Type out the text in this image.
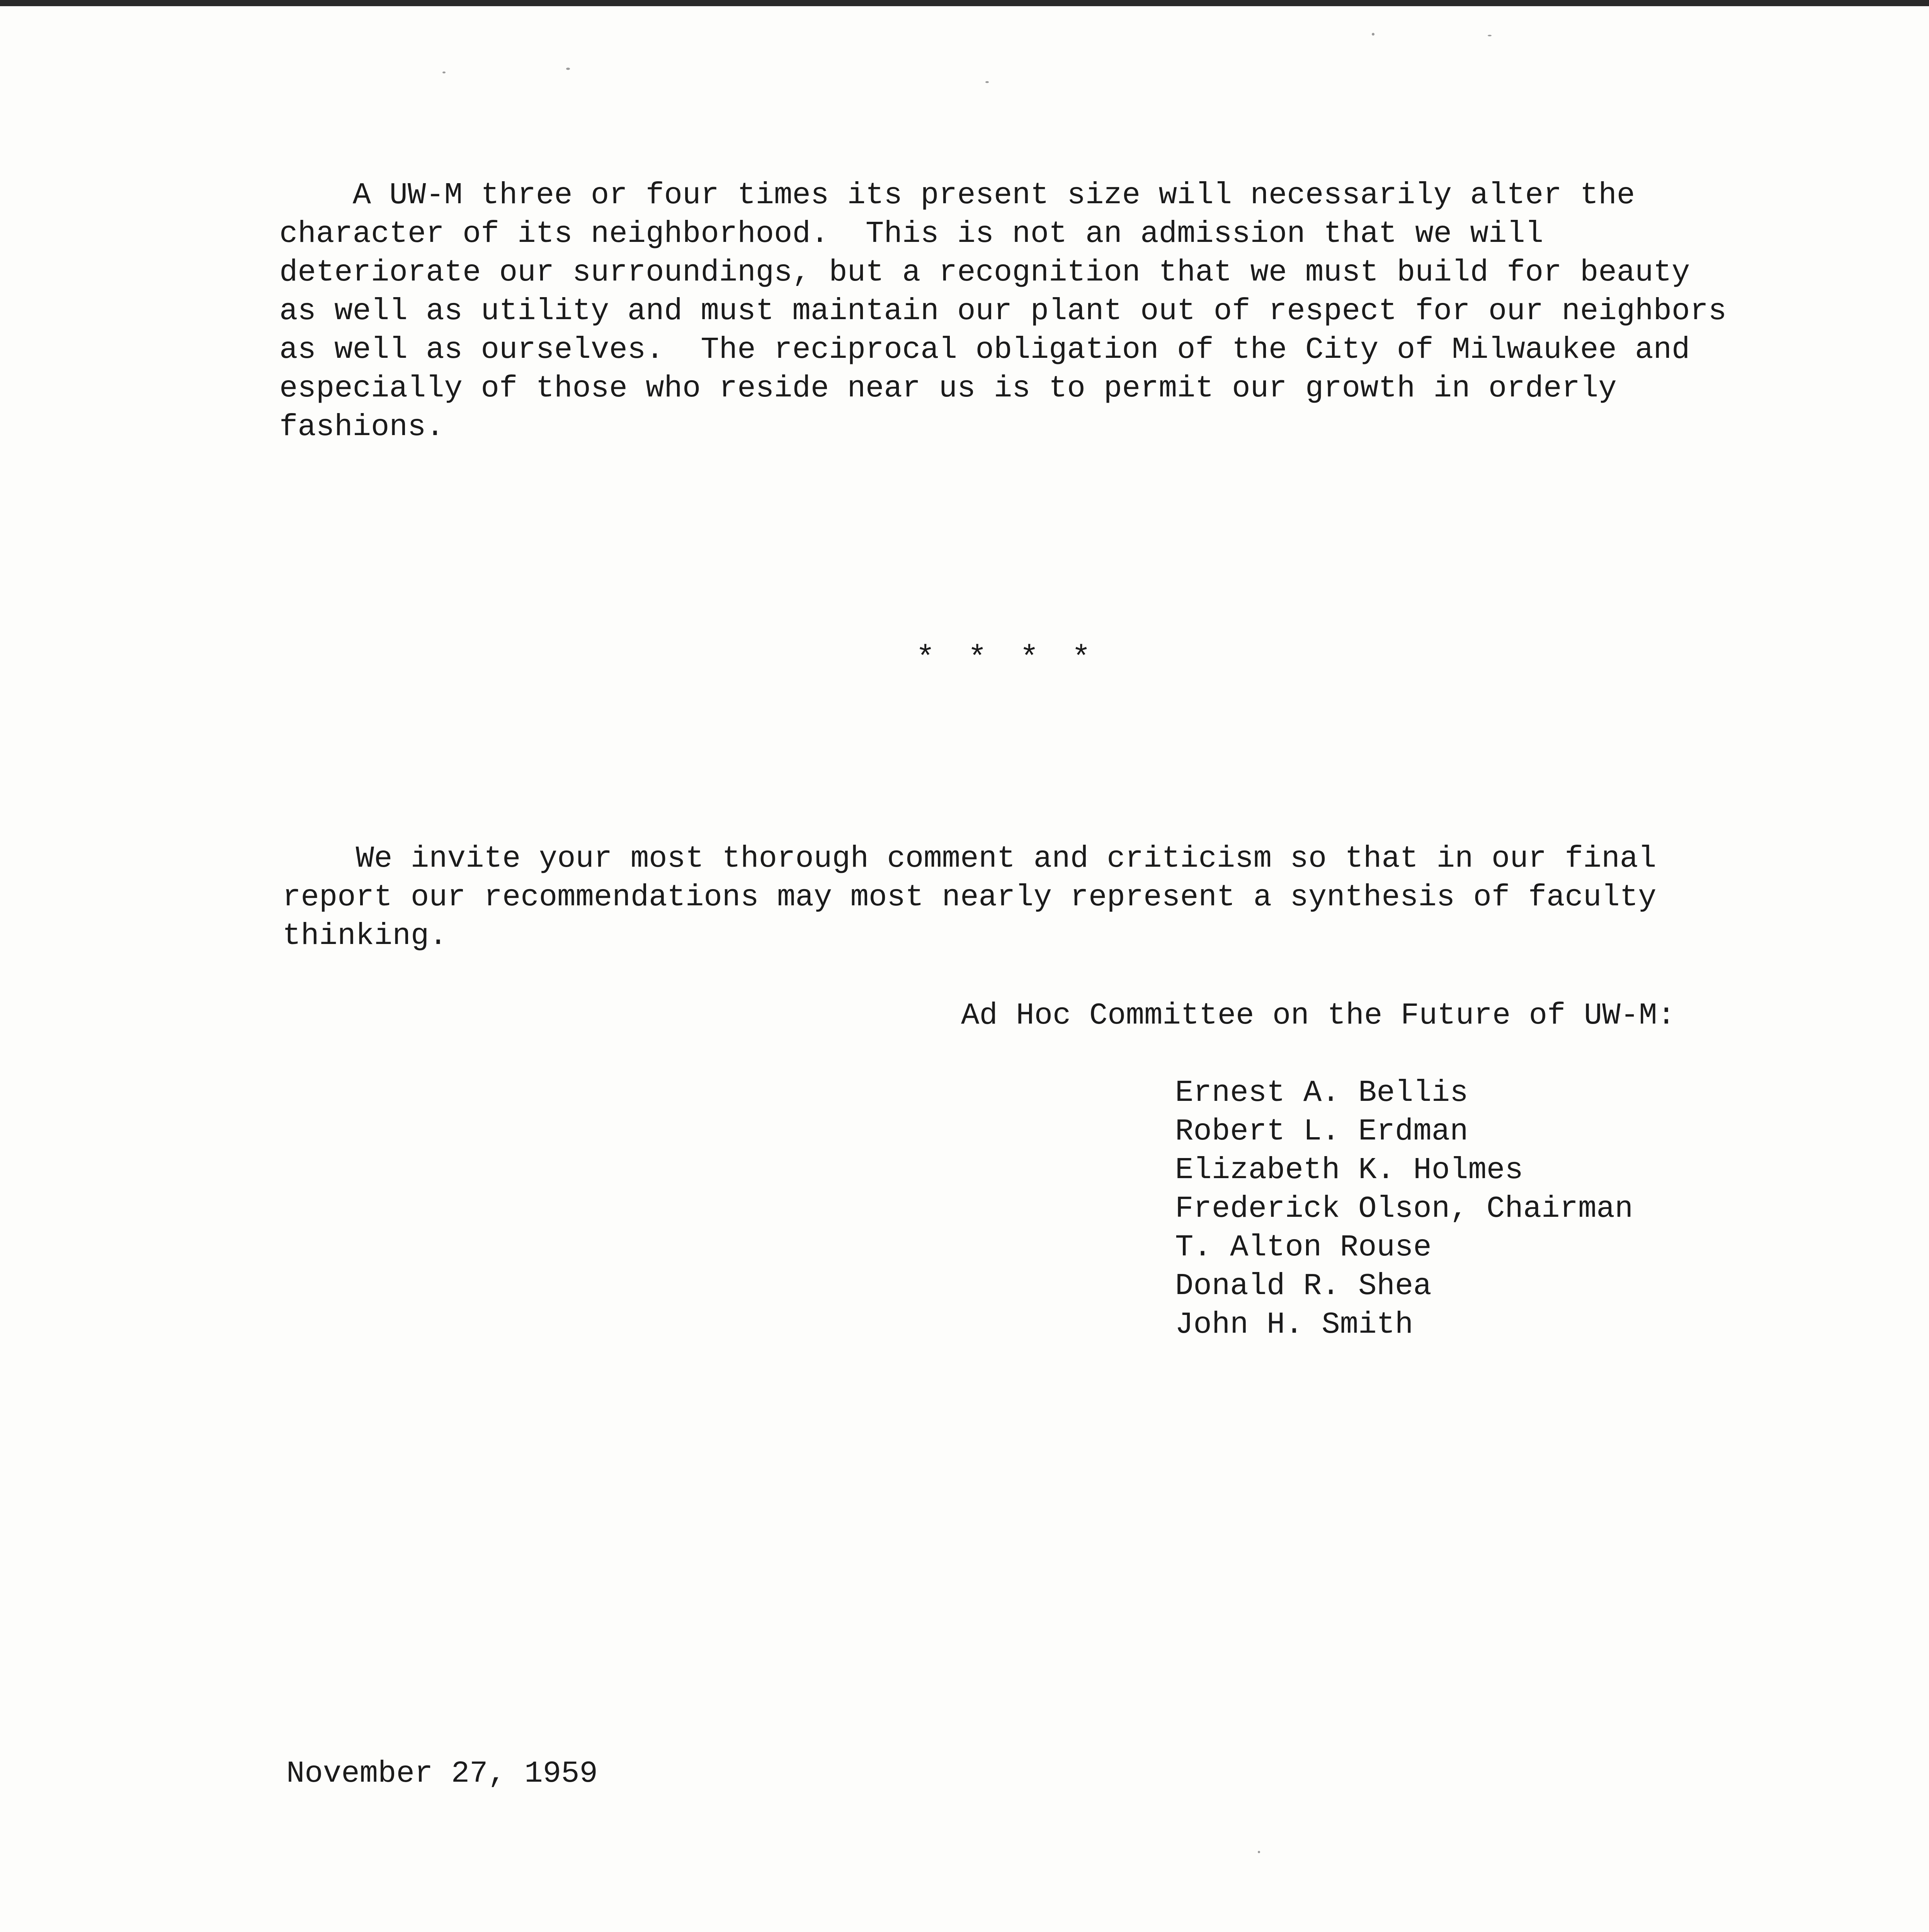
A UW-M three or four times its present size will necessarily alter the
character of its neighborhood.  This is not an admission that we will
deteriorate our surroundings, but a recognition that we must build for beauty
as well as utility and must maintain our plant out of respect for our neighbors
as well as ourselves.  The reciprocal obligation of the City of Milwaukee and
especially of those who reside near us is to permit our growth in orderly
fashions.
* * * *
We invite your most thorough comment and criticism so that in our final
report our recommendations may most nearly represent a synthesis of faculty
thinking.
Ad Hoc Committee on the Future of UW-M:
Ernest A. Bellis
Robert L. Erdman
Elizabeth K. Holmes
Frederick Olson, Chairman
T. Alton Rouse
Donald R. Shea
John H. Smith
November 27, 1959
